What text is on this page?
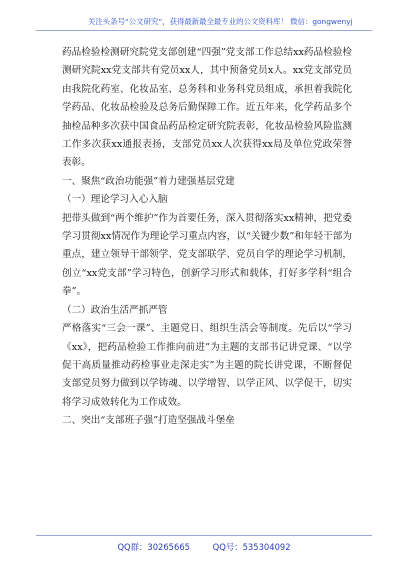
关注头条号“公文研究”，获得最新最全最专业的公文资料库！ 微信：gongwenyj

药品检验检测研究院党支部创建“四强”党支部工作总结xx药品检验检测研究院xx党支部共有党员xx人，其中预备党员x人。xx党支部党员由我院化药室、化妆品室、总务科和业务科党员组成，承担着我院化学药品、化妆品检验及总务后勤保障工作。近五年来，化学药品多个抽检品种多次获中国食品药品检定研究院表彰，化妆品检验风险监测工作多次获xx通报表扬，支部党员xx人次获得xx局及单位党政荣誉表彰。

一、聚焦“政治功能强”着力建强基层党建

（一）理论学习入心入脑

把带头做到“两个维护”作为首要任务，深入贯彻落实xx精神，把党委学习贯彻xx情况作为理论学习重点内容，以“关键少数”和年轻干部为重点，建立领导干部领学、党支部联学、党员自学的理论学习机制，创立“xx党支部”学习特色，创新学习形式和载体，打好多学科“组合拳”。

（二）政治生活严抓严管

严格落实“三会一课”、主题党日、组织生活会等制度。先后以“学习《xx》，把药品检验工作推向前进”为主题的支部书记讲党课、“以学促干高质量推动药检事业走深走实”为主题的院长讲党课，不断督促支部党员努力做到以学铸魂、以学增智、以学正风、以学促干，切实将学习成效转化为工作成效。

二、突出“支部班子强”打造坚强战斗堡垒

QQ群：30265665	QQ号：535304092
